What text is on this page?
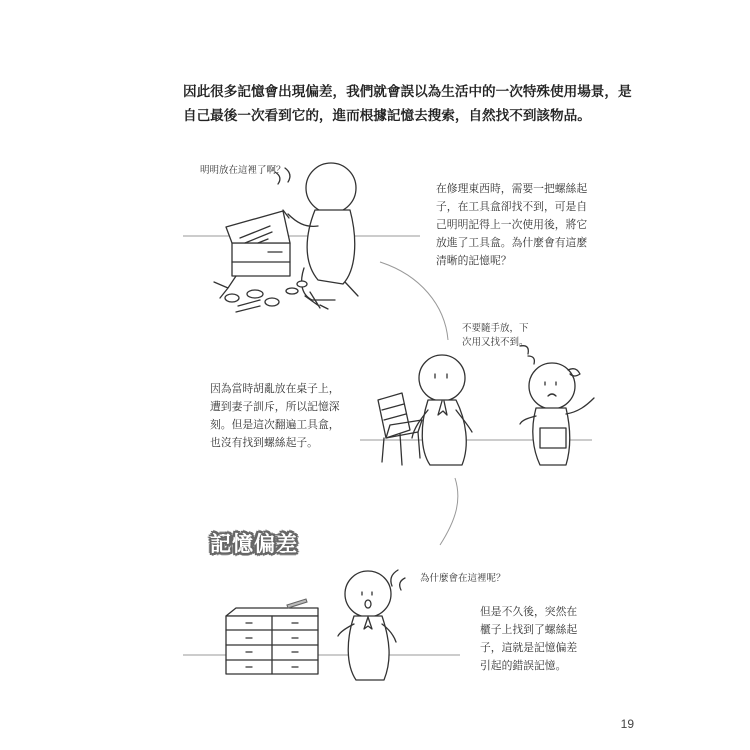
因此很多記憶會出現偏差，我們就會誤以為生活中的一次特殊使用場景，是
自己最後一次看到它的，進而根據記憶去搜索，自然找不到該物品。
明明放在這裡了啊？
在修理東西時，需要一把螺絲起
子，在工具盒卻找不到，可是自
己明明記得上一次使用後，將它
放進了工具盒。為什麼會有這麼
清晰的記憶呢？
不要隨手放，下
次用又找不到。
因為當時胡亂放在桌子上，
遭到妻子訓斥，所以記憶深
刻。但是這次翻遍工具盒，
也沒有找到螺絲起子。
記憶偏差
為什麼會在這裡呢？
但是不久後，突然在
櫃子上找到了螺絲起
子，這就是記憶偏差
引起的錯誤記憶。
19
